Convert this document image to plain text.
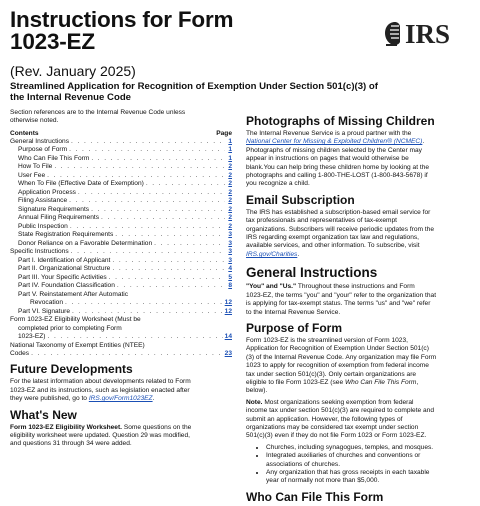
Instructions for Form
1023-EZ	IRS
(Rev. January 2025)
Streamlined Application for Recognition of Exemption Under Section 501(c)(3) of
the Internal Revenue Code
Section references are to the Internal Revenue Code unless
otherwise noted.
Contents	Page
General Instructions . . .	1
Purpose of Form . . .	1
Who Can File This Form . . .	1
How To File . . .	2
User Fee . . .	2
When To File (Effective Date of Exemption) . . .	2
Application Process . . .	2
Filing Assistance . . .	2
Signature Requirements . . .	2
Annual Filing Requirements . . .	2
Public Inspection . . .	2
State Registration Requirements . . .	3
Donor Reliance on a Favorable Determination . . .	3
Specific Instructions . . .	3
Part I. Identification of Applicant . . .	3
Part II. Organizational Structure . . .	4
Part III. Your Specific Activities . . .	5
Part IV. Foundation Classification . . .	8
Part V. Reinstatement After Automatic
Revocation . . .	12
Part VI. Signature . . .	12
Form 1023-EZ Eligibility Worksheet (Must be
completed prior to completing Form
1023-EZ) . . .	14
National Taxonomy of Exempt Entities (NTEE)
Codes . . .	23
Future Developments

For the latest information about developments related to Form
1023-EZ and its instructions, such as legislation enacted after
they were published, go to IRS.gov/Form1023EZ.

What's New

Form 1023-EZ Eligibility Worksheet. Some questions on the
eligibility worksheet were updated. Question 29 was modified,
and questions 31 through 34 were added.

Photographs of Missing Children

The Internal Revenue Service is a proud partner with the
National Center for Missing & Exploited Children® (NCMEC).
Photographs of missing children selected by the Center may
appear in instructions on pages that would otherwise be
blank.You can help bring these children home by looking at the
photographs and calling 1-800-THE-LOST (1-800-843-5678) if
you recognize a child.

Email Subscription

The IRS has established a subscription-based email service for
tax professionals and representatives of tax-exempt
organizations. Subscribers will receive periodic updates from the
IRS regarding exempt organization tax law and regulations,
available services, and other information. To subscribe, visit
IRS.gov/Charities.

General Instructions

"You" and "Us." Throughout these instructions and Form
1023-EZ, the terms "you" and "your" refer to the organization that
is applying for tax-exempt status. The terms "us" and "we" refer
to the Internal Revenue Service.

Purpose of Form

Form 1023-EZ is the streamlined version of Form 1023,
Application for Recognition of Exemption Under Section 501(c)
(3) of the Internal Revenue Code. Any organization may file Form
1023 to apply for recognition of exemption from federal income
tax under section 501(c)(3). Only certain organizations are
eligible to file Form 1023-EZ (see Who Can File This Form,
below).

Note. Most organizations seeking exemption from federal
income tax under section 501(c)(3) are required to complete and
submit an application. However, the following types of
organizations may be considered tax exempt under section
501(c)(3) even if they do not file Form 1023 or Form 1023-EZ.

• Churches, including synagogues, temples, and mosques.
• Integrated auxiliaries of churches and conventions or
associations of churches.
• Any organization that has gross receipts in each taxable
year of normally not more than $5,000.
Who Can File This Form
